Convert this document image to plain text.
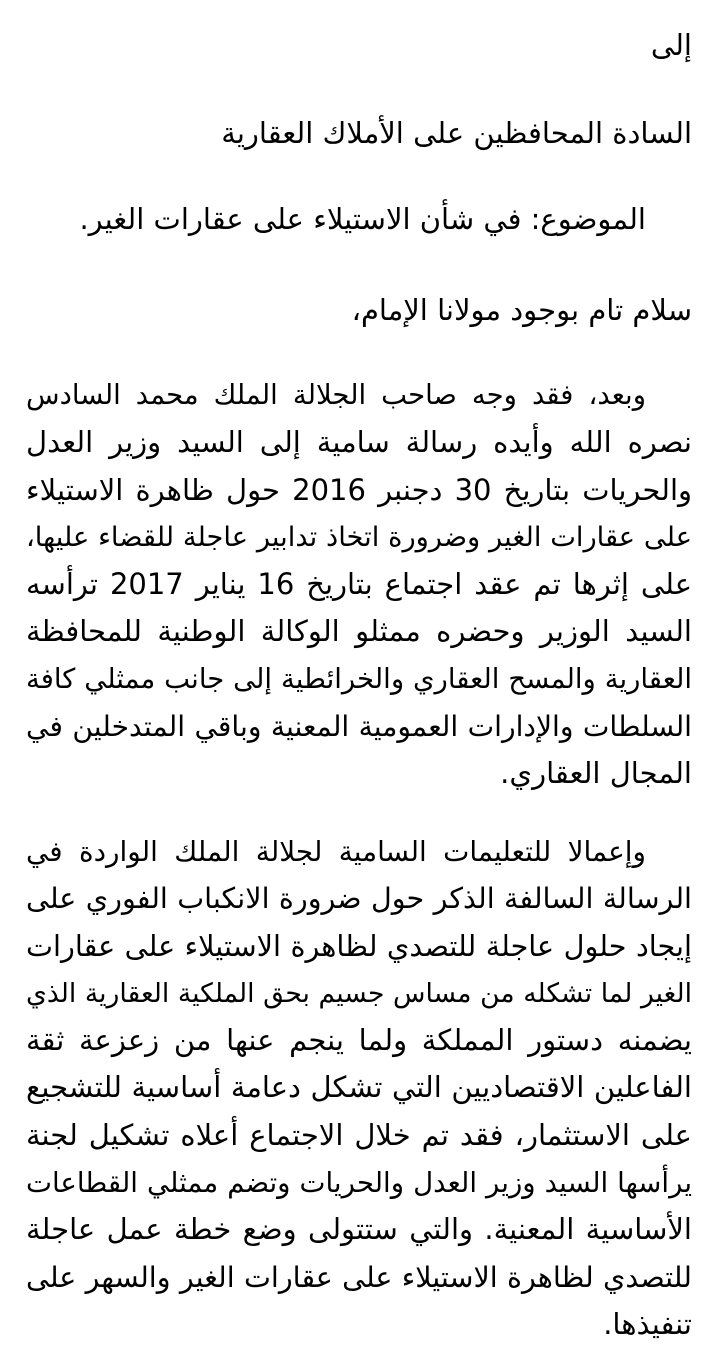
إلى
السادة المحافظين على الأملاك العقارية
الموضوع: في شأن الاستيلاء على عقارات الغير.
سلام تام بوجود مولانا الإمام،
وبعد، فقد وجه صاحب الجلالة الملك محمد السادس
نصره الله وأيده رسالة سامية إلى السيد وزير العدل
والحريات بتاريخ 30 دجنبر 2016 حول ظاهرة الاستيلاء
على عقارات الغير وضرورة اتخاذ تدابير عاجلة للقضاء عليها،
على إثرها تم عقد اجتماع بتاريخ 16 يناير 2017 ترأسه
السيد الوزير وحضره ممثلو الوكالة الوطنية للمحافظة
العقارية والمسح العقاري والخرائطية إلى جانب ممثلي كافة
السلطات والإدارات العمومية المعنية وباقي المتدخلين في
المجال العقاري.
وإعمالا للتعليمات السامية لجلالة الملك الواردة في
الرسالة السالفة الذكر حول ضرورة الانكباب الفوري على
إيجاد حلول عاجلة للتصدي لظاهرة الاستيلاء على عقارات
الغير لما تشكله من مساس جسيم بحق الملكية العقارية الذي
يضمنه دستور المملكة ولما ينجم عنها من زعزعة ثقة
الفاعلين الاقتصاديين التي تشكل دعامة أساسية للتشجيع
على الاستثمار، فقد تم خلال الاجتماع أعلاه تشكيل لجنة
يرأسها السيد وزير العدل والحريات وتضم ممثلي القطاعات
الأساسية المعنية. والتي ستتولى وضع خطة عمل عاجلة
للتصدي لظاهرة الاستيلاء على عقارات الغير والسهر على
تنفيذها.
